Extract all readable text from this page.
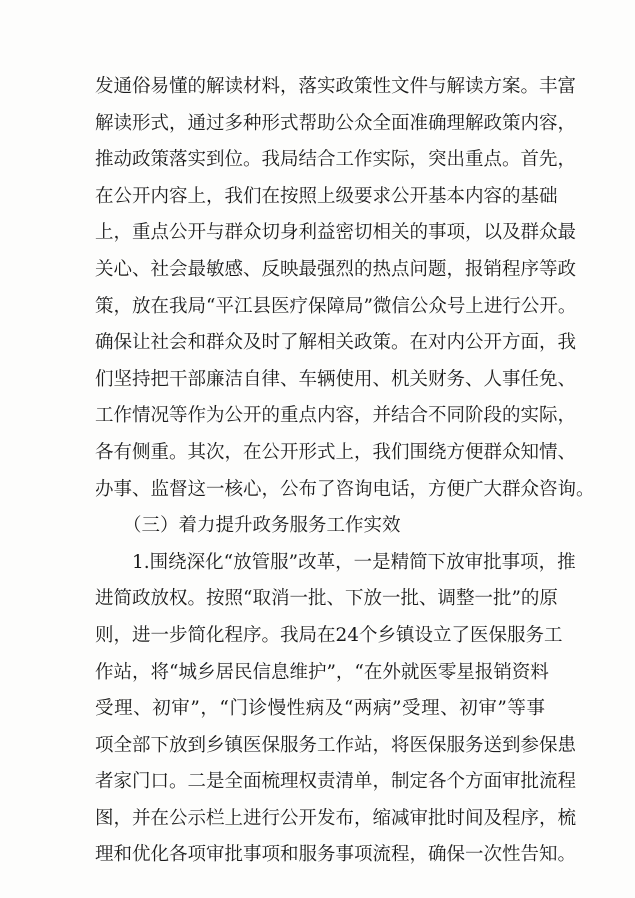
发通俗易懂的解读材料，落实政策性文件与解读方案。丰富
解读形式，通过多种形式帮助公众全面准确理解政策内容，
推动政策落实到位。我局结合工作实际，突出重点。首先，
在公开内容上，我们在按照上级要求公开基本内容的基础
上，重点公开与群众切身利益密切相关的事项，以及群众最
关心、社会最敏感、反映最强烈的热点问题，报销程序等政
策，放在我局“平江县医疗保障局”微信公众号上进行公开。
确保让社会和群众及时了解相关政策。在对内公开方面，我
们坚持把干部廉洁自律、车辆使用、机关财务、人事任免、
工作情况等作为公开的重点内容，并结合不同阶段的实际，
各有侧重。其次，在公开形式上，我们围绕方便群众知情、
办事、监督这一核心，公布了咨询电话，方便广大群众咨询。
（三）着力提升政务服务工作实效
1.围绕深化“放管服”改革，一是精简下放审批事项，推
进简政放权。按照“取消一批、下放一批、调整一批”的原
则，进一步简化程序。我局在24个乡镇设立了医保服务工
作站，将“城乡居民信息维护”，“在外就医零星报销资料
受理、初审”，“门诊慢性病及“两病”受理、初审”等事
项全部下放到乡镇医保服务工作站，将医保服务送到参保患
者家门口。二是全面梳理权责清单，制定各个方面审批流程
图，并在公示栏上进行公开发布，缩减审批时间及程序，梳
理和优化各项审批事项和服务事项流程，确保一次性告知。
